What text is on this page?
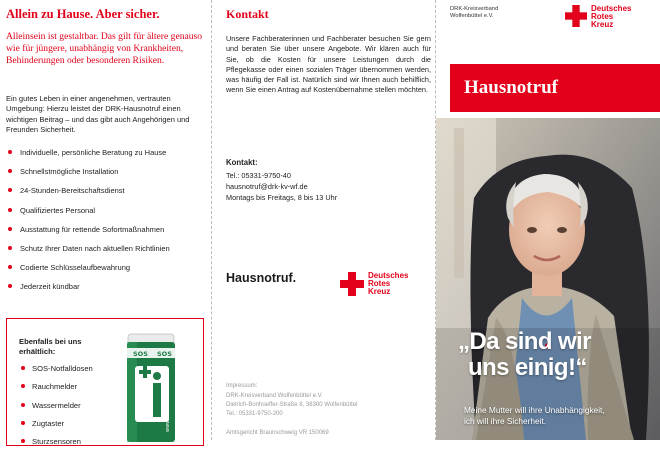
Allein zu Hause. Aber sicher.
Alleinsein ist gestaltbar. Das gilt für ältere genauso wie für jüngere, unabhängig von Krankheiten, Behinderungen oder besonderen Risiken.
Ein gutes Leben in einer angenehmen, vertrauten Umgebung: Hierzu leistet der DRK-Hausnotruf einen wichtigen Beitrag – und das gibt auch Angehörigen und Freunden Sicherheit.
Individuelle, persönliche Beratung zu Hause
Schnellstmögliche Installation
24-Stunden-Bereitschaftsdienst
Qualifiziertes Personal
Ausstattung für rettende Sofortmaßnahmen
Schutz Ihrer Daten nach aktuellen Richtlinien
Codierte Schlüsselaufbewahrung
Jederzeit kündbar
Ebenfalls bei uns erhältlich:
SOS-Notfalldosen
Rauchmelder
Wassermelder
Zugtaster
Sturzsensoren
SOS SOS
www.notfalldose.de
Kontakt
Unsere Fachberaterinnen und Fachberater besuchen Sie gern und beraten Sie über unsere Angebote. Wir klären auch für Sie, ob die Kosten für unsere Leistungen durch die Pflegekasse oder einen sozialen Träger übernommen werden, was häufig der Fall ist. Natürlich sind wir Ihnen auch behilflich, wenn Sie einen Antrag auf Kostenübernahme stellen möchten.
Kontakt:
Tel.: 05331-9750-40
hausnotruf@drk-kv-wf.de
Montags bis Freitags, 8 bis 13 Uhr
Hausnotruf.	Deutsches
Rotes
Kreuz
Impressum:
DRK-Kreisverband Wolfenbüttel e.V.
Dietrich-Bonhoeffer-Straße 8, 38300 Wolfenbüttel
Tel.: 05331-9750-200
Amtsgericht Braunschweig VR 150069
DRK-Kreisverband
Wolfenbüttel e.V.
Deutsches
Rotes
Kreuz
Hausnotruf
„Da sind wir
uns einig!“
Meine Mutter will ihre Unabhängigkeit,
ich will ihre Sicherheit.
